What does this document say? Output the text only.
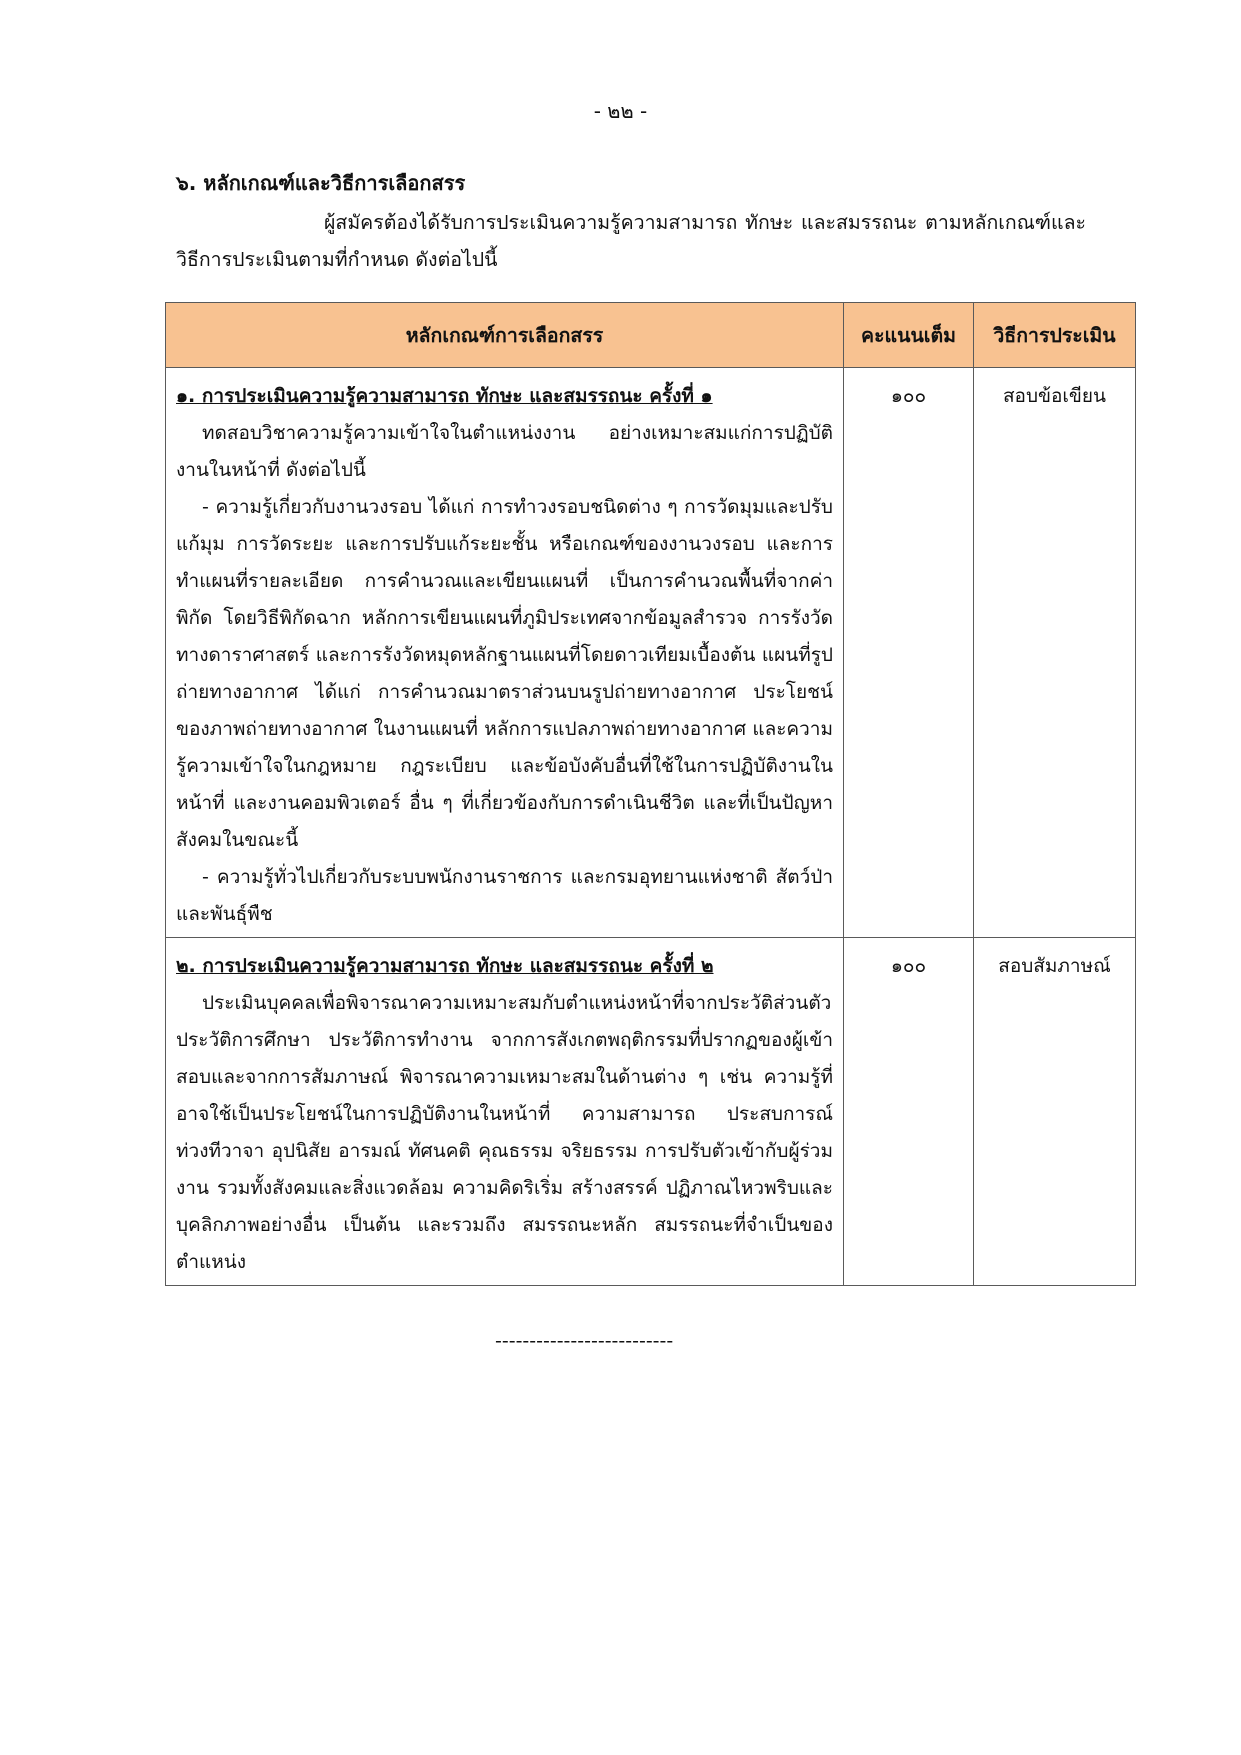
- ๒๒ -
๖. หลักเกณฑ์และวิธีการเลือกสรร

ผู้สมัครต้องได้รับการประเมินความรู้ความสามารถ ทักษะ และสมรรถนะ ตามหลักเกณฑ์และวิธีการประเมินตามที่กำหนด ดังต่อไปนี้

หลักเกณฑ์การเลือกสรร	คะแนนเต็ม	วิธีการประเมิน

๑. การประเมินความรู้ความสามารถ ทักษะ และสมรรถนะ ครั้งที่ ๑

ทดสอบวิชาความรู้ความเข้าใจในตำแหน่งงาน อย่างเหมาะสมแก่การปฏิบัติงานในหน้าที่ ดังต่อไปนี้

- ความรู้เกี่ยวกับงานวงรอบ ได้แก่ การทำวงรอบชนิดต่าง ๆ การวัดมุมและปรับแก้มุม การวัดระยะ และการปรับแก้ระยะชั้น หรือเกณฑ์ของงานวงรอบ และการทำแผนที่รายละเอียด การคำนวณและเขียนแผนที่ เป็นการคำนวณพื้นที่จากค่าพิกัด โดยวิธีพิกัดฉาก หลักการเขียนแผนที่ภูมิประเทศจากข้อมูลสำรวจ การรังวัดทางดาราศาสตร์ และการรังวัดหมุดหลักฐานแผนที่โดยดาวเทียมเบื้องต้น แผนที่รูปถ่ายทางอากาศ ได้แก่ การคำนวณมาตราส่วนบนรูปถ่ายทางอากาศ ประโยชน์ของภาพถ่ายทางอากาศ ในงานแผนที่ หลักการแปลภาพถ่ายทางอากาศ และความรู้ความเข้าใจในกฎหมาย กฎระเบียบ และข้อบังคับอื่นที่ใช้ในการปฏิบัติงานในหน้าที่ และงานคอมพิวเตอร์ อื่น ๆ ที่เกี่ยวข้องกับการดำเนินชีวิต และที่เป็นปัญหาสังคมในขณะนี้

- ความรู้ทั่วไปเกี่ยวกับระบบพนักงานราชการ และกรมอุทยานแห่งชาติ สัตว์ป่า และพันธุ์พืช	๑๐๐	สอบข้อเขียน

๒. การประเมินความรู้ความสามารถ ทักษะ และสมรรถนะ ครั้งที่ ๒

ประเมินบุคคลเพื่อพิจารณาความเหมาะสมกับตำแหน่งหน้าที่จากประวัติส่วนตัว ประวัติการศึกษา ประวัติการทำงาน จากการสังเกตพฤติกรรมที่ปรากฏของผู้เข้าสอบและจากการสัมภาษณ์ พิจารณาความเหมาะสมในด้านต่าง ๆ เช่น ความรู้ที่อาจใช้เป็นประโยชน์ในการปฏิบัติงานในหน้าที่ ความสามารถ ประสบการณ์ ท่วงทีวาจา อุปนิสัย อารมณ์ ทัศนคติ คุณธรรม จริยธรรม การปรับตัวเข้ากับผู้ร่วมงาน รวมทั้งสังคมและสิ่งแวดล้อม ความคิดริเริ่ม สร้างสรรค์ ปฏิภาณไหวพริบและบุคลิกภาพอย่างอื่น เป็นต้น และรวมถึง สมรรถนะหลัก สมรรถนะที่จำเป็นของตำแหน่ง	๑๐๐	สอบสัมภาษณ์
--------------------------
